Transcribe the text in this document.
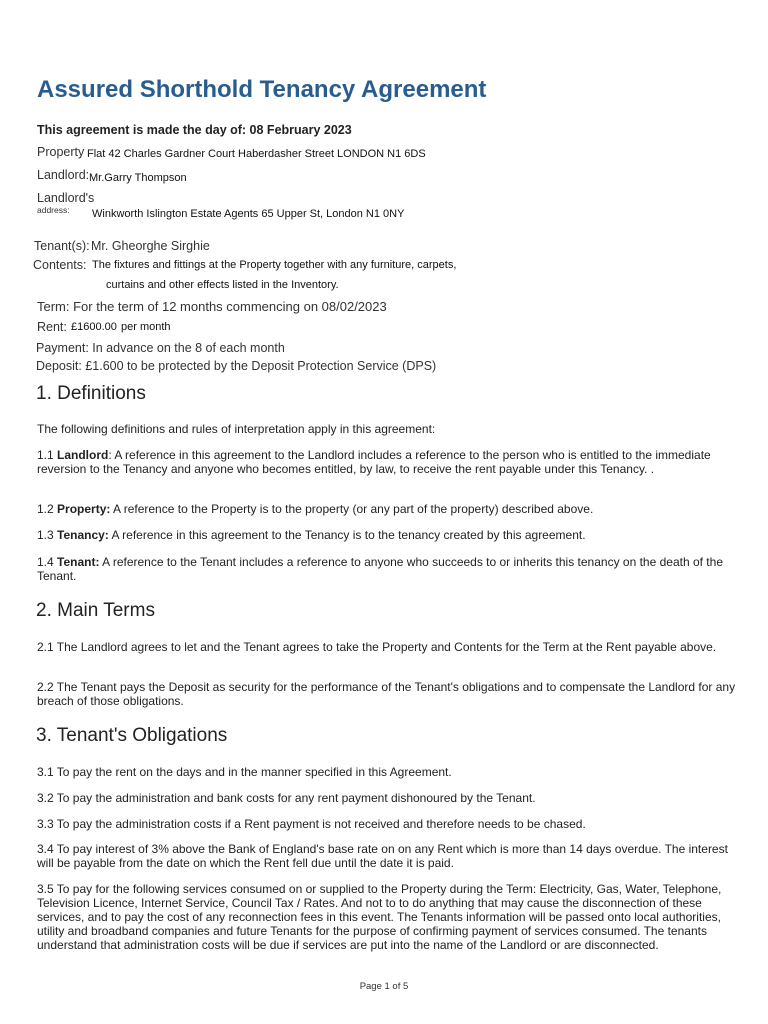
Assured Shorthold Tenancy Agreement
This agreement is made the day of: 08 February 2023
Property Flat 42 Charles Gardner Court Haberdasher Street LONDON N1 6DS
Landlord: Mr.Garry Thompson
Landlord's
address: Winkworth Islington Estate Agents 65 Upper St, London N1 0NY
Tenant(s): Mr. Gheorghe Sirghie
Contents: The fixtures and fittings at the Property together with any furniture, carpets,
curtains and other effects listed in the Inventory.
Term: For the term of 12 months commencing on 08/02/2023
Rent: £1600.00 per month
Payment: In advance on the 8 of each month
Deposit: £1.600 to be protected by the Deposit Protection Service (DPS)
1. Definitions

The following definitions and rules of interpretation apply in this agreement:

1.1 Landlord: A reference in this agreement to the Landlord includes a reference to the person who is entitled to the immediate reversion to the Tenancy and anyone who becomes entitled, by law, to receive the rent payable under this Tenancy. .

1.2 Property: A reference to the Property is to the property (or any part of the property) described above.

1.3 Tenancy: A reference in this agreement to the Tenancy is to the tenancy created by this agreement.

1.4 Tenant: A reference to the Tenant includes a reference to anyone who succeeds to or inherits this tenancy on the death of the Tenant.

2. Main Terms

2.1 The Landlord agrees to let and the Tenant agrees to take the Property and Contents for the Term at the Rent payable above.

2.2 The Tenant pays the Deposit as security for the performance of the Tenant's obligations and to compensate the Landlord for any breach of those obligations.

3. Tenant's Obligations

3.1 To pay the rent on the days and in the manner specified in this Agreement.

3.2 To pay the administration and bank costs for any rent payment dishonoured by the Tenant.

3.3 To pay the administration costs if a Rent payment is not received and therefore needs to be chased.

3.4 To pay interest of 3% above the Bank of England's base rate on on any Rent which is more than 14 days overdue. The interest will be payable from the date on which the Rent fell due until the date it is paid.

3.5 To pay for the following services consumed on or supplied to the Property during the Term: Electricity, Gas, Water, Telephone, Television Licence, Internet Service, Council Tax / Rates. And not to to do anything that may cause the disconnection of these services, and to pay the cost of any reconnection fees in this event. The Tenants information will be passed onto local authorities, utility and broadband companies and future Tenants for the purpose of confirming payment of services consumed. The tenants understand that administration costs will be due if services are put into the name of the Landlord or are disconnected.

Page 1 of 5
